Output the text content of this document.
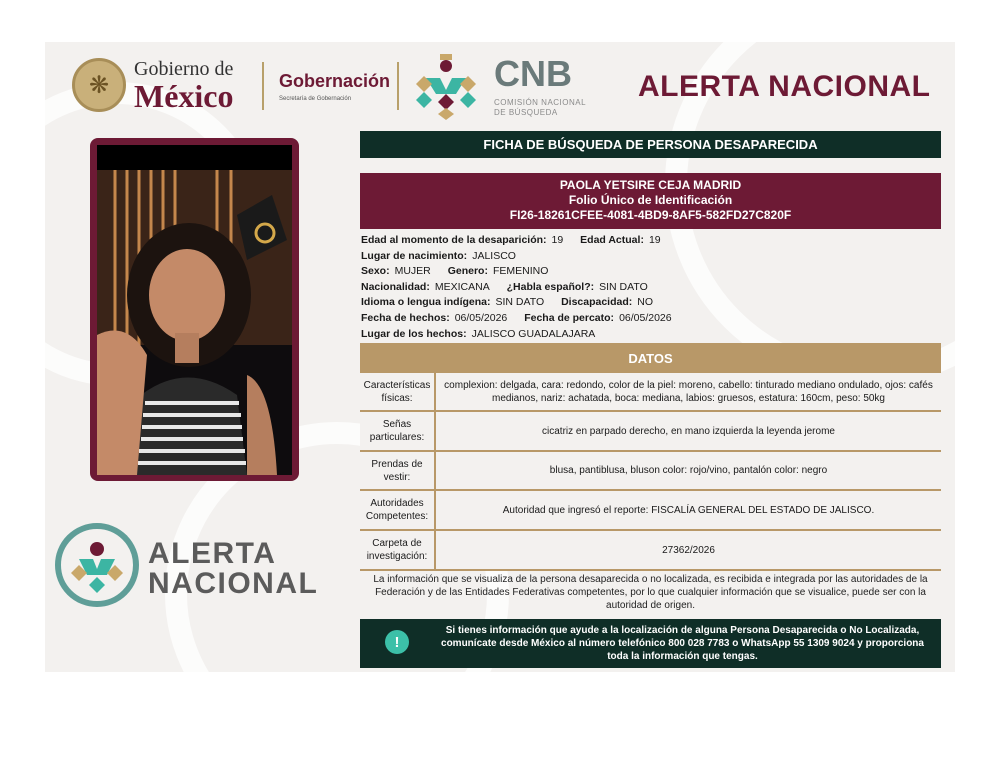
❋
Gobierno de
México	Gobernación
Secretaría de Gobernación
CNB
COMISIÓN NACIONAL
DE BÚSQUEDA
ALERTA NACIONAL
ALERTA
NACIONAL
FICHA DE BÚSQUEDA DE PERSONA DESAPARECIDA
PAOLA YETSIRE CEJA MADRID
Folio Único de Identificación
FI26-18261CFEE-4081-4BD9-8AF5-582FD27C820F
Edad al momento de la desaparición: 19 Edad Actual: 19
Lugar de nacimiento: JALISCO
Sexo: MUJER Genero: FEMENINO
Nacionalidad: MEXICANA ¿Habla español?: SIN DATO
Idioma o lengua indígena: SIN DATO Discapacidad: NO
Fecha de hechos: 06/05/2026 Fecha de percato: 06/05/2026
Lugar de los hechos: JALISCO GUADALAJARA
DATOS
Características físicas:
complexion: delgada, cara: redondo, color de la piel: moreno, cabello: tinturado mediano ondulado, ojos: cafés medianos, nariz: achatada, boca: mediana, labios: gruesos, estatura: 160cm, peso: 50kg
Señas particulares:
cicatriz en parpado derecho, en mano izquierda la leyenda jerome
Prendas de vestir:
blusa, pantiblusa, bluson color: rojo/vino, pantalón color: negro
Autoridades Competentes:
Autoridad que ingresó el reporte: FISCALÍA GENERAL DEL ESTADO DE JALISCO.
Carpeta de investigación:
27362/2026
La información que se visualiza de la persona desaparecida o no localizada, es recibida e integrada por las autoridades de la Federación y de las Entidades Federativas competentes, por lo que cualquier información que se visualice, puede ser con la autoridad de origen.
!
Si tienes información que ayude a la localización de alguna Persona Desaparecida o No Localizada, comunícate desde México al número telefónico 800 028 7783 o WhatsApp 55 1309 9024 y proporciona toda la información que tengas.
